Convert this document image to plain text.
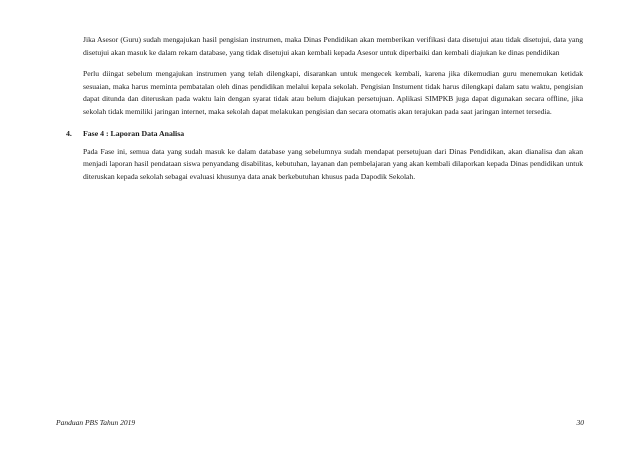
Jika Asesor (Guru) sudah mengajukan hasil pengisian instrumen, maka Dinas Pendidikan akan memberikan verifikasi data disetujui atau tidak disetujui, data yang disetujui akan masuk ke dalam rekam database, yang tidak disetujui akan kembali kepada Asesor untuk diperbaiki dan kembali diajukan ke dinas pendidikan

Perlu diingat sebelum mengajukan instrumen yang telah dilengkapi, disarankan untuk mengecek kembali, karena jika dikemudian guru menemukan ketidak sesuaian, maka harus meminta pembatalan oleh dinas pendidikan melalui kepala sekolah. Pengisian Instument tidak harus dilengkapi dalam satu waktu, pengisian dapat ditunda dan diteruskan pada waktu lain dengan syarat tidak atau belum diajukan persetujuan. Aplikasi SIMPKB juga dapat digunakan secara offline, jika sekolah tidak memiliki jaringan internet, maka sekolah dapat melakukan pengisian dan secara otomatis akan terajukan pada saat jaringan internet tersedia.

4. Fase 4 : Laporan Data Analisa

Pada Fase ini, semua data yang sudah masuk ke dalam database yang sebelumnya sudah mendapat persetujuan dari Dinas Pendidikan, akan dianalisa dan akan menjadi laporan hasil pendataan siswa penyandang disabilitas, kebutuhan, layanan dan pembelajaran yang akan kembali dilaporkan kepada Dinas pendidikan untuk diteruskan kepada sekolah sebagai evaluasi khusunya data anak berkebutuhan khusus pada Dapodik Sekolah.

Panduan PBS Tahun 2019	30
